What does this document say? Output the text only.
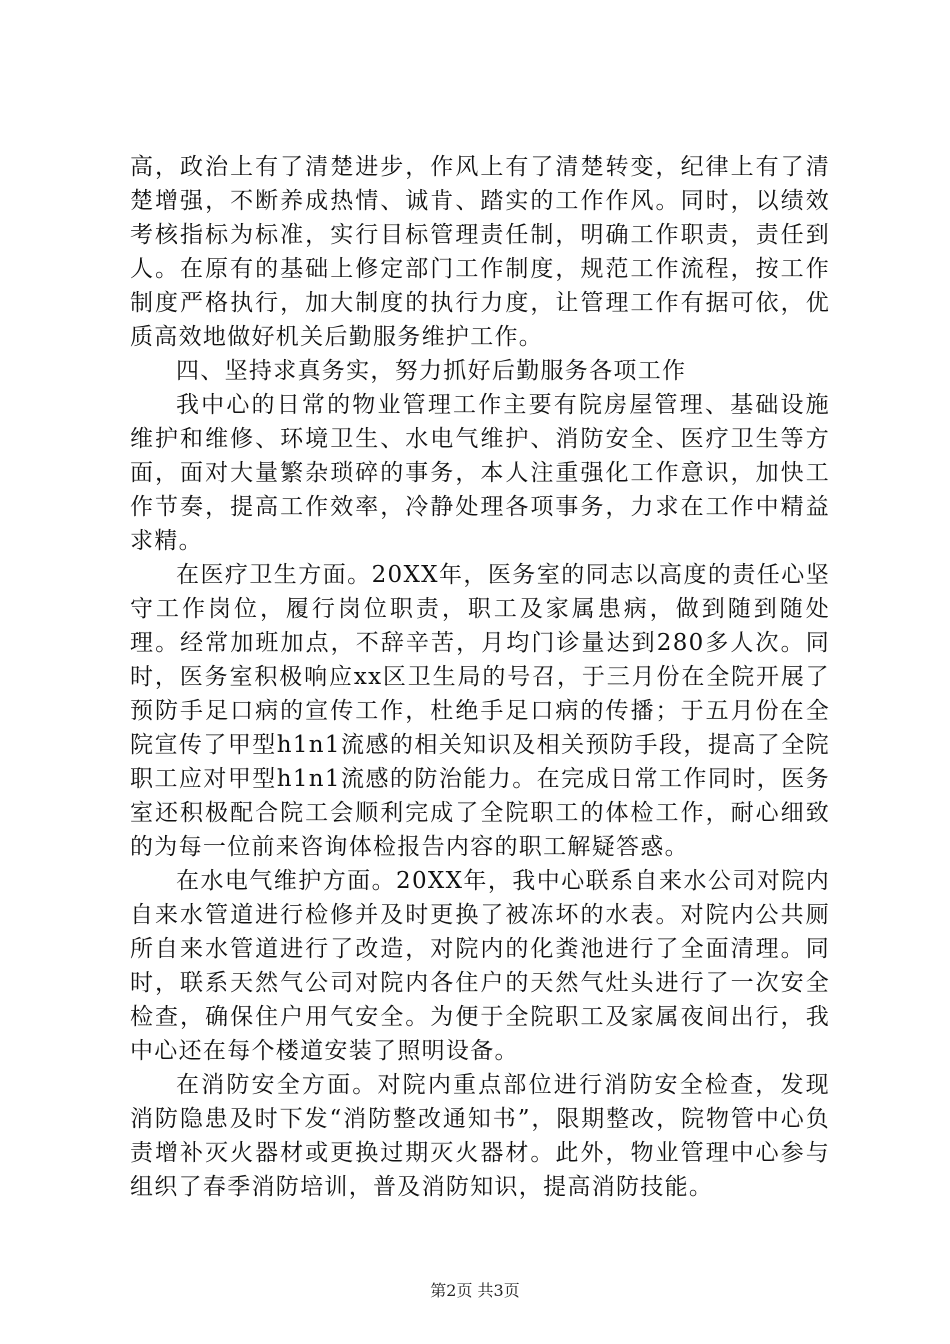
高，政治上有了清楚进步，作风上有了清楚转变，纪律上有了清楚增强，不断养成热情、诚肯、踏实的工作作风。同时，以绩效考核指标为标准，实行目标管理责任制，明确工作职责，责任到人。在原有的基础上修定部门工作制度，规范工作流程，按工作制度严格执行，加大制度的执行力度，让管理工作有据可依，优质高效地做好机关后勤服务维护工作。

四、坚持求真务实，努力抓好后勤服务各项工作

我中心的日常的物业管理工作主要有院房屋管理、基础设施维护和维修、环境卫生、水电气维护、消防安全、医疗卫生等方面，面对大量繁杂琐碎的事务，本人注重强化工作意识，加快工作节奏，提高工作效率，冷静处理各项事务，力求在工作中精益求精。

在医疗卫生方面。20XX年，医务室的同志以高度的责任心坚守工作岗位，履行岗位职责，职工及家属患病，做到随到随处理。经常加班加点，不辞辛苦，月均门诊量达到280多人次。同时，医务室积极响应xx区卫生局的号召，于三月份在全院开展了预防手足口病的宣传工作，杜绝手足口病的传播；于五月份在全院宣传了甲型h1n1流感的相关知识及相关预防手段，提高了全院职工应对甲型h1n1流感的防治能力。在完成日常工作同时，医务室还积极配合院工会顺利完成了全院职工的体检工作，耐心细致的为每一位前来咨询体检报告内容的职工解疑答惑。

在水电气维护方面。20XX年，我中心联系自来水公司对院内自来水管道进行检修并及时更换了被冻坏的水表。对院内公共厕所自来水管道进行了改造，对院内的化粪池进行了全面清理。同时，联系天然气公司对院内各住户的天然气灶头进行了一次安全检查，确保住户用气安全。为便于全院职工及家属夜间出行，我中心还在每个楼道安装了照明设备。

在消防安全方面。对院内重点部位进行消防安全检查，发现消防隐患及时下发“消防整改通知书”，限期整改，院物管中心负责增补灭火器材或更换过期灭火器材。此外，物业管理中心参与组织了春季消防培训，普及消防知识，提高消防技能。

第2页 共3页
